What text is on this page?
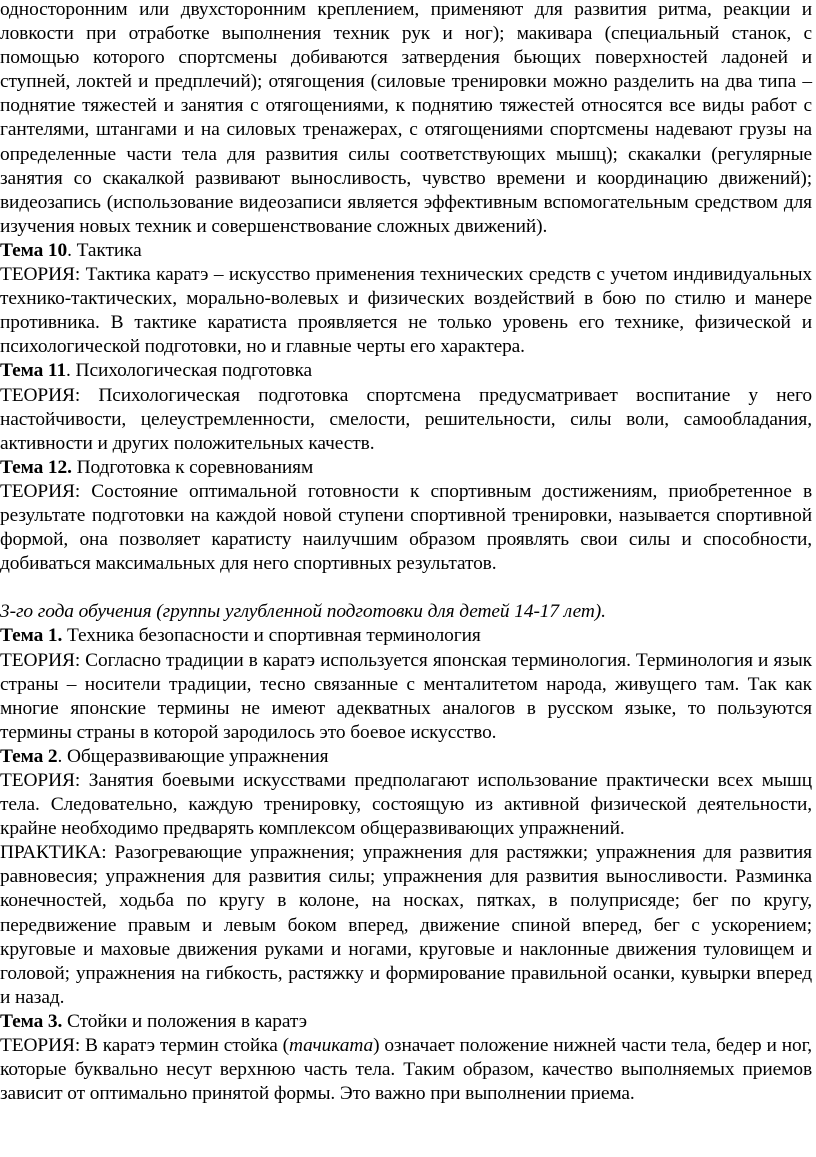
односторонним или двухсторонним креплением, применяют для развития ритма, реакции и ловкости при отработке выполнения техник рук и ног); макивара (специальный станок, с помощью которого спортсмены добиваются затвердения бьющих поверхностей ладоней и ступней, локтей и предплечий); отягощения (силовые тренировки можно разделить на два типа – поднятие тяжестей и занятия с отягощениями, к поднятию тяжестей относятся все виды работ с гантелями, штангами и на силовых тренажерах, с отягощениями спортсмены надевают грузы на определенные части тела для развития силы соответствующих мышц); скакалки (регулярные занятия со скакалкой развивают выносливость, чувство времени и координацию движений); видеозапись (использование видеозаписи является эффективным вспомогательным средством для изучения новых техник и совершенствование сложных движений).

Тема 10. Тактика

ТЕОРИЯ: Тактика каратэ – искусство применения технических средств с учетом индивидуальных технико-тактических, морально-волевых и физических воздействий в бою по стилю и манере противника. В тактике каратиста проявляется не только уровень его технике, физической и психологической подготовки, но и главные черты его характера.

Тема 11. Психологическая подготовка

ТЕОРИЯ: Психологическая подготовка спортсмена предусматривает воспитание у него настойчивости, целеустремленности, смелости, решительности, силы воли, самообладания, активности и других положительных качеств.

Тема 12. Подготовка к соревнованиям

ТЕОРИЯ: Состояние оптимальной готовности к спортивным достижениям, приобретенное в результате подготовки на каждой новой ступени спортивной тренировки, называется спортивной формой, она позволяет каратисту наилучшим образом проявлять свои силы и способности, добиваться максимальных для него спортивных результатов.

3-го года обучения (группы углубленной подготовки для детей 14-17 лет).

Тема 1. Техника безопасности и спортивная терминология

ТЕОРИЯ: Согласно традиции в каратэ используется японская терминология. Терминология и язык страны – носители традиции, тесно связанные с менталитетом народа, живущего там. Так как многие японские термины не имеют адекватных аналогов в русском языке, то пользуются термины страны в которой зародилось это боевое искусство.

Тема 2. Общеразвивающие упражнения

ТЕОРИЯ: Занятия боевыми искусствами предполагают использование практически всех мышц тела. Следовательно, каждую тренировку, состоящую из активной физической деятельности, крайне необходимо предварять комплексом общеразвивающих упражнений.

ПРАКТИКА: Разогревающие упражнения; упражнения для растяжки; упражнения для развития равновесия; упражнения для развития силы; упражнения для развития выносливости. Разминка конечностей, ходьба по кругу в колоне, на носках, пятках, в полуприсяде; бег по кругу, передвижение правым и левым боком вперед, движение спиной вперед, бег с ускорением; круговые и маховые движения руками и ногами, круговые и наклонные движения туловищем и головой; упражнения на гибкость, растяжку и формирование правильной осанки, кувырки вперед и назад.

Тема 3. Стойки и положения в каратэ

ТЕОРИЯ: В каратэ термин стойка (тачиката) означает положение нижней части тела, бедер и ног, которые буквально несут верхнюю часть тела. Таким образом, качество выполняемых приемов зависит от оптимально принятой формы. Это важно при выполнении приема.
